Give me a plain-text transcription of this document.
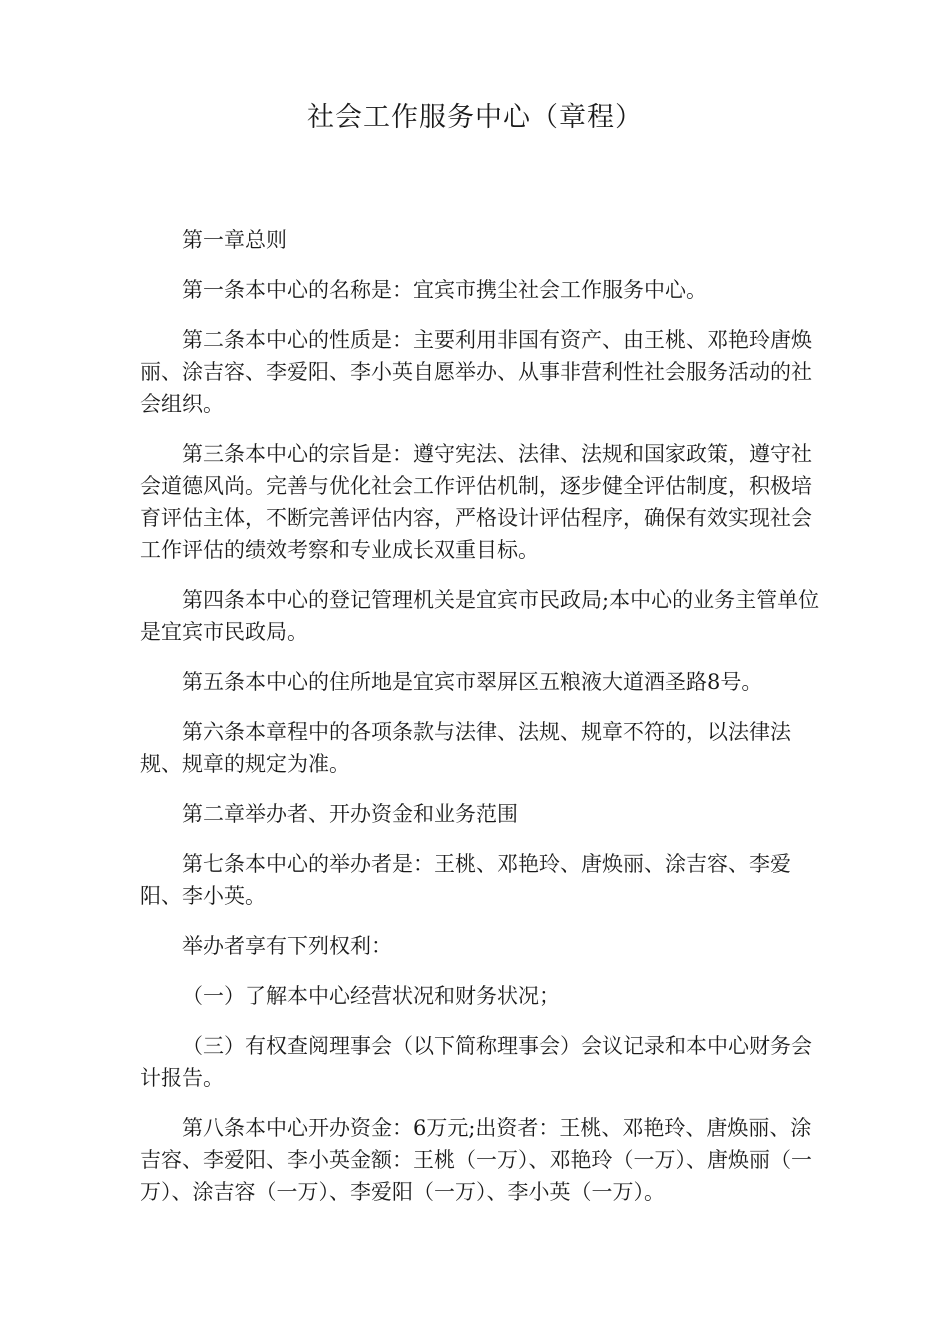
社会工作服务中心（章程）

第一章总则

第一条本中心的名称是：宜宾市携尘社会工作服务中心。

第二条本中心的性质是：主要利用非国有资产、由王桃、邓艳玲唐焕丽、涂吉容、李爱阳、李小英自愿举办、从事非营利性社会服务活动的社会组织。

第三条本中心的宗旨是：遵守宪法、法律、法规和国家政策，遵守社会道德风尚。完善与优化社会工作评估机制，逐步健全评估制度，积极培育评估主体，不断完善评估内容，严格设计评估程序，确保有效实现社会工作评估的绩效考察和专业成长双重目标。

第四条本中心的登记管理机关是宜宾市民政局;本中心的业务主管单位是宜宾市民政局。

第五条本中心的住所地是宜宾市翠屏区五粮液大道酒圣路8号。

第六条本章程中的各项条款与法律、法规、规章不符的，以法律法规、规章的规定为准。

第二章举办者、开办资金和业务范围

第七条本中心的举办者是：王桃、邓艳玲、唐焕丽、涂吉容、李爱阳、李小英。

举办者享有下列权利：

（一）了解本中心经营状况和财务状况；

（三）有权查阅理事会（以下简称理事会）会议记录和本中心财务会计报告。

第八条本中心开办资金：6万元;出资者：王桃、邓艳玲、唐焕丽、涂吉容、李爱阳、李小英金额：王桃（一万）、邓艳玲（一万）、唐焕丽（一万）、涂吉容（一万）、李爱阳（一万）、李小英（一万）。
